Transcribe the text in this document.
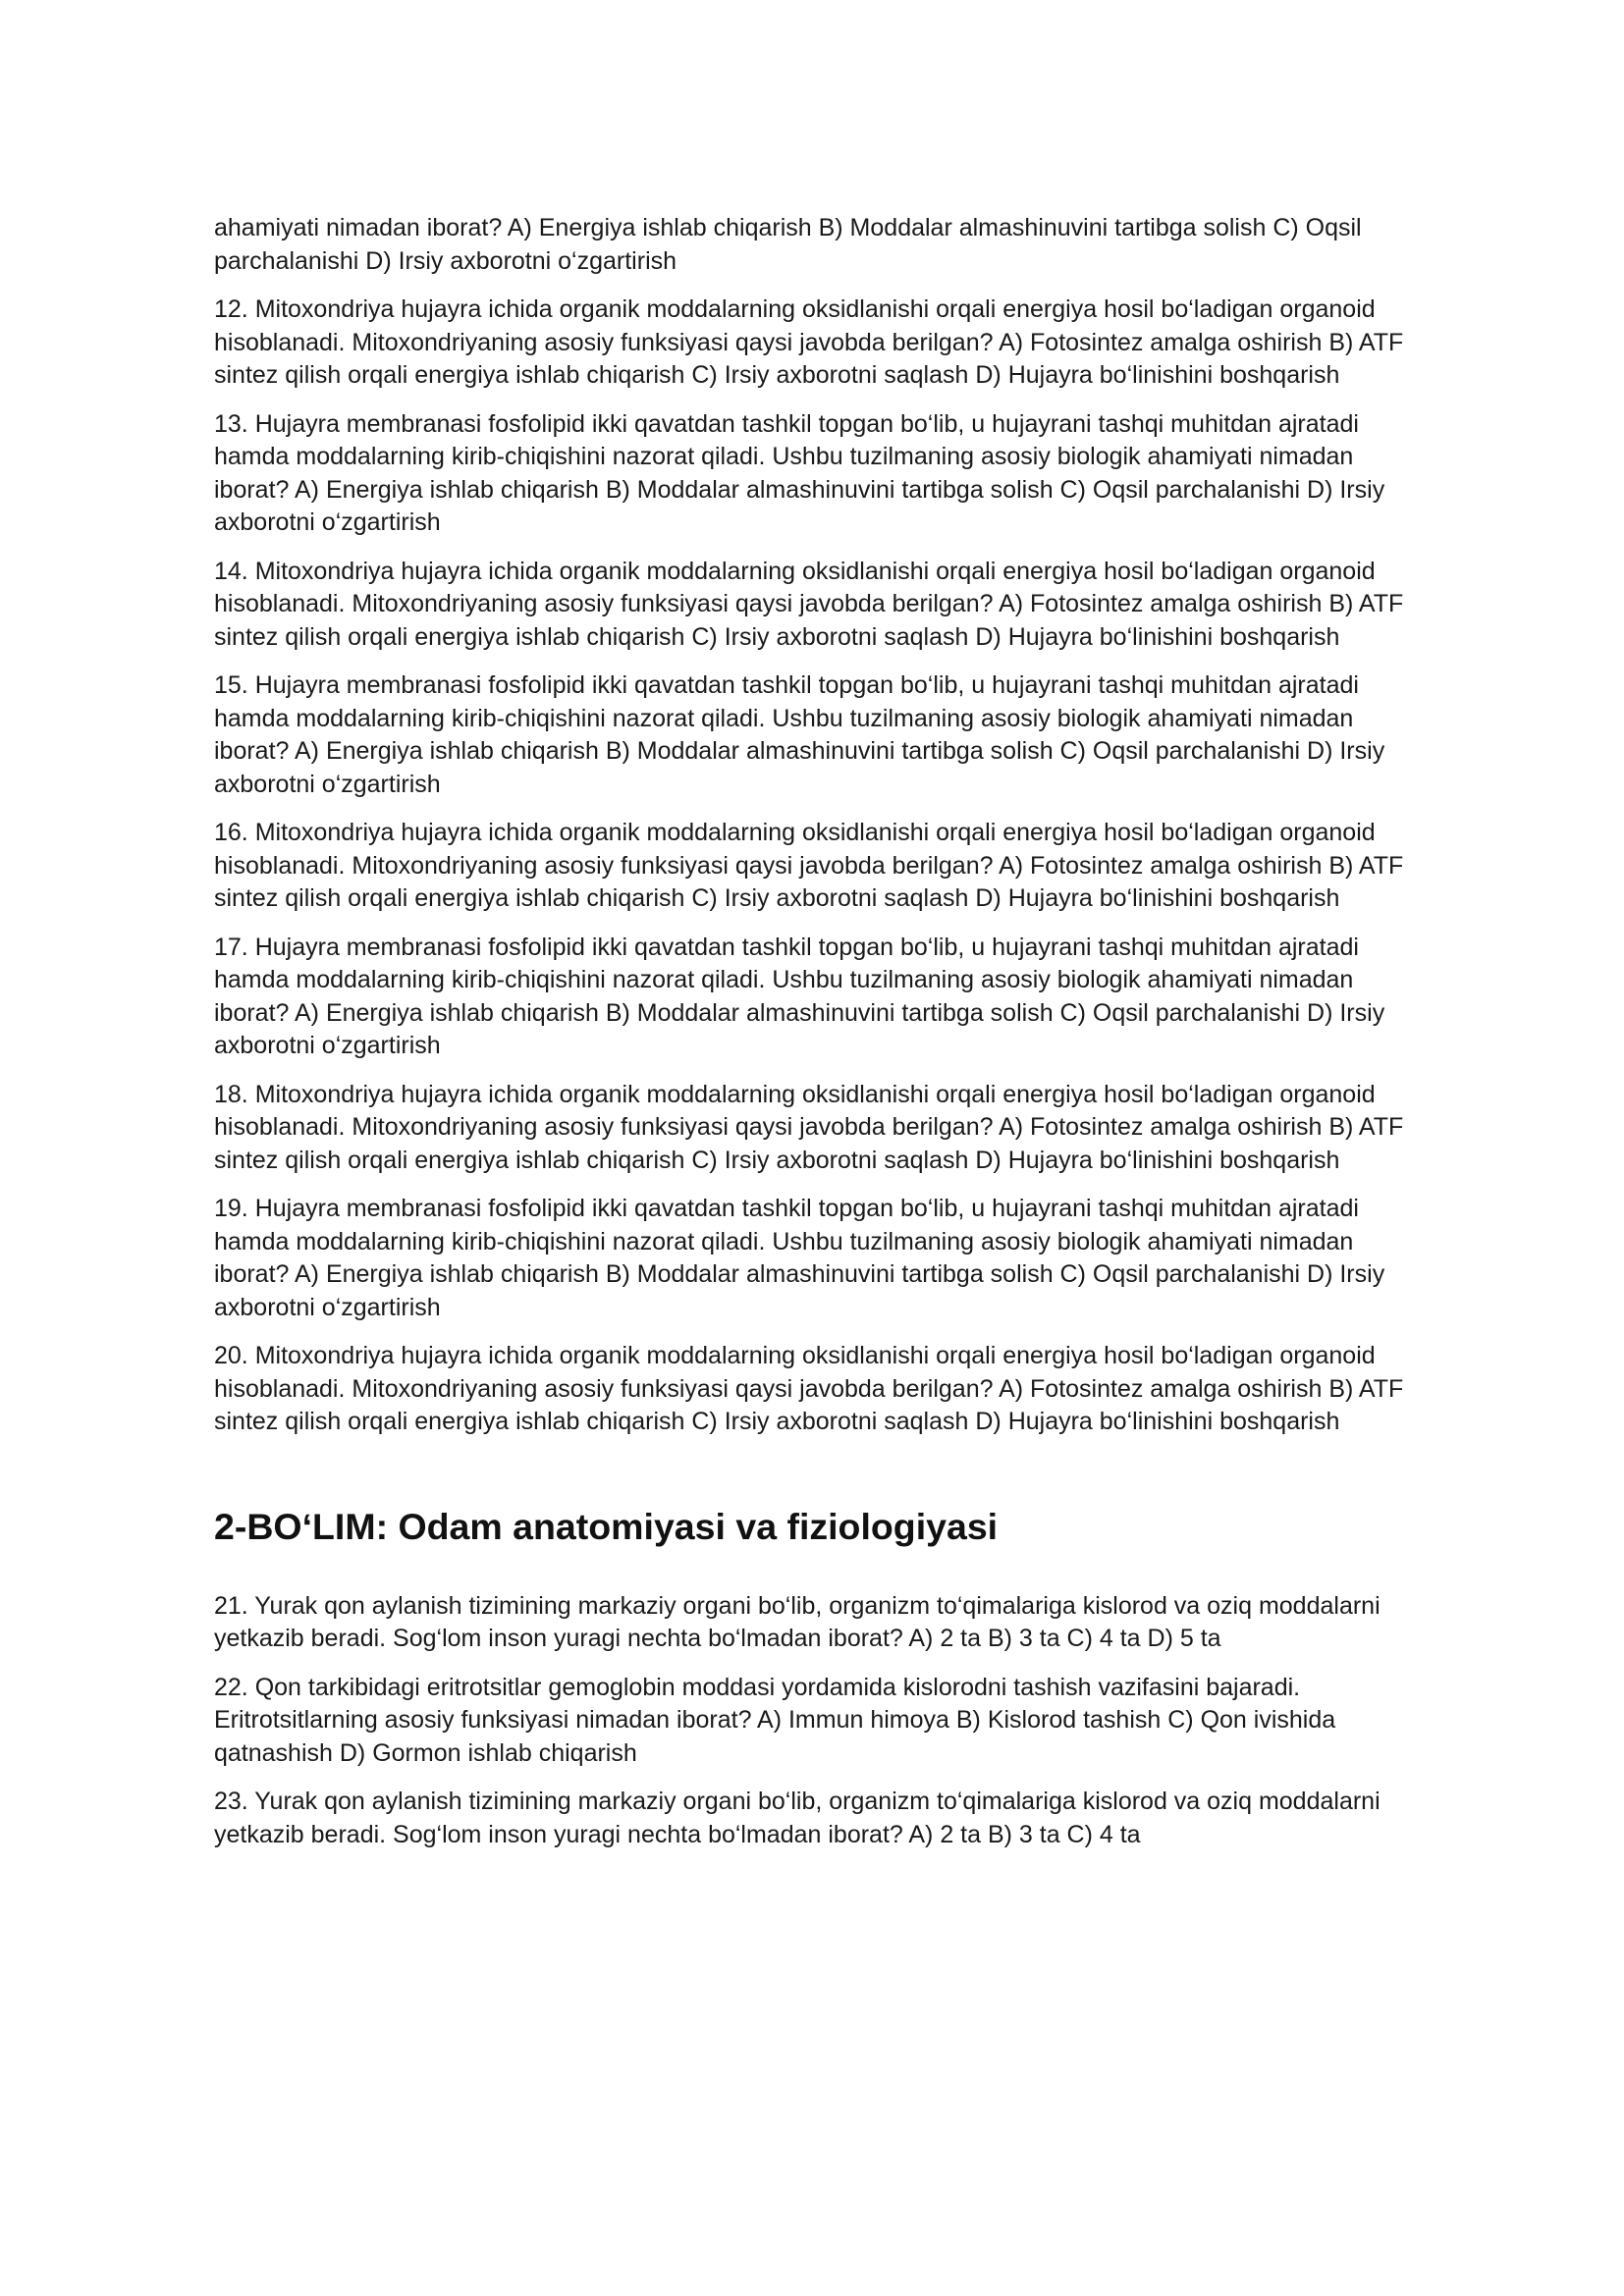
ahamiyati nimadan iborat? A) Energiya ishlab chiqarish B) Moddalar almashinuvini tartibga solish C) Oqsil parchalanishi D) Irsiy axborotni o‘zgartirish

12. Mitoxondriya hujayra ichida organik moddalarning oksidlanishi orqali energiya hosil bo‘ladigan organoid hisoblanadi. Mitoxondriyaning asosiy funksiyasi qaysi javobda berilgan? A) Fotosintez amalga oshirish B) ATF sintez qilish orqali energiya ishlab chiqarish C) Irsiy axborotni saqlash D) Hujayra bo‘linishini boshqarish

13. Hujayra membranasi fosfolipid ikki qavatdan tashkil topgan bo‘lib, u hujayrani tashqi muhitdan ajratadi hamda moddalarning kirib-chiqishini nazorat qiladi. Ushbu tuzilmaning asosiy biologik ahamiyati nimadan iborat? A) Energiya ishlab chiqarish B) Moddalar almashinuvini tartibga solish C) Oqsil parchalanishi D) Irsiy axborotni o‘zgartirish

14. Mitoxondriya hujayra ichida organik moddalarning oksidlanishi orqali energiya hosil bo‘ladigan organoid hisoblanadi. Mitoxondriyaning asosiy funksiyasi qaysi javobda berilgan? A) Fotosintez amalga oshirish B) ATF sintez qilish orqali energiya ishlab chiqarish C) Irsiy axborotni saqlash D) Hujayra bo‘linishini boshqarish

15. Hujayra membranasi fosfolipid ikki qavatdan tashkil topgan bo‘lib, u hujayrani tashqi muhitdan ajratadi hamda moddalarning kirib-chiqishini nazorat qiladi. Ushbu tuzilmaning asosiy biologik ahamiyati nimadan iborat? A) Energiya ishlab chiqarish B) Moddalar almashinuvini tartibga solish C) Oqsil parchalanishi D) Irsiy axborotni o‘zgartirish

16. Mitoxondriya hujayra ichida organik moddalarning oksidlanishi orqali energiya hosil bo‘ladigan organoid hisoblanadi. Mitoxondriyaning asosiy funksiyasi qaysi javobda berilgan? A) Fotosintez amalga oshirish B) ATF sintez qilish orqali energiya ishlab chiqarish C) Irsiy axborotni saqlash D) Hujayra bo‘linishini boshqarish

17. Hujayra membranasi fosfolipid ikki qavatdan tashkil topgan bo‘lib, u hujayrani tashqi muhitdan ajratadi hamda moddalarning kirib-chiqishini nazorat qiladi. Ushbu tuzilmaning asosiy biologik ahamiyati nimadan iborat? A) Energiya ishlab chiqarish B) Moddalar almashinuvini tartibga solish C) Oqsil parchalanishi D) Irsiy axborotni o‘zgartirish

18. Mitoxondriya hujayra ichida organik moddalarning oksidlanishi orqali energiya hosil bo‘ladigan organoid hisoblanadi. Mitoxondriyaning asosiy funksiyasi qaysi javobda berilgan? A) Fotosintez amalga oshirish B) ATF sintez qilish orqali energiya ishlab chiqarish C) Irsiy axborotni saqlash D) Hujayra bo‘linishini boshqarish

19. Hujayra membranasi fosfolipid ikki qavatdan tashkil topgan bo‘lib, u hujayrani tashqi muhitdan ajratadi hamda moddalarning kirib-chiqishini nazorat qiladi. Ushbu tuzilmaning asosiy biologik ahamiyati nimadan iborat? A) Energiya ishlab chiqarish B) Moddalar almashinuvini tartibga solish C) Oqsil parchalanishi D) Irsiy axborotni o‘zgartirish

20. Mitoxondriya hujayra ichida organik moddalarning oksidlanishi orqali energiya hosil bo‘ladigan organoid hisoblanadi. Mitoxondriyaning asosiy funksiyasi qaysi javobda berilgan? A) Fotosintez amalga oshirish B) ATF sintez qilish orqali energiya ishlab chiqarish C) Irsiy axborotni saqlash D) Hujayra bo‘linishini boshqarish

2-BO‘LIM: Odam anatomiyasi va fiziologiyasi

21. Yurak qon aylanish tizimining markaziy organi bo‘lib, organizm to‘qimalariga kislorod va oziq moddalarni yetkazib beradi. Sog‘lom inson yuragi nechta bo‘lmadan iborat? A) 2 ta B) 3 ta C) 4 ta D) 5 ta

22. Qon tarkibidagi eritrotsitlar gemoglobin moddasi yordamida kislorodni tashish vazifasini bajaradi. Eritrotsitlarning asosiy funksiyasi nimadan iborat? A) Immun himoya B) Kislorod tashish C) Qon ivishida qatnashish D) Gormon ishlab chiqarish

23. Yurak qon aylanish tizimining markaziy organi bo‘lib, organizm to‘qimalariga kislorod va oziq moddalarni yetkazib beradi. Sog‘lom inson yuragi nechta bo‘lmadan iborat? A) 2 ta B) 3 ta C) 4 ta
